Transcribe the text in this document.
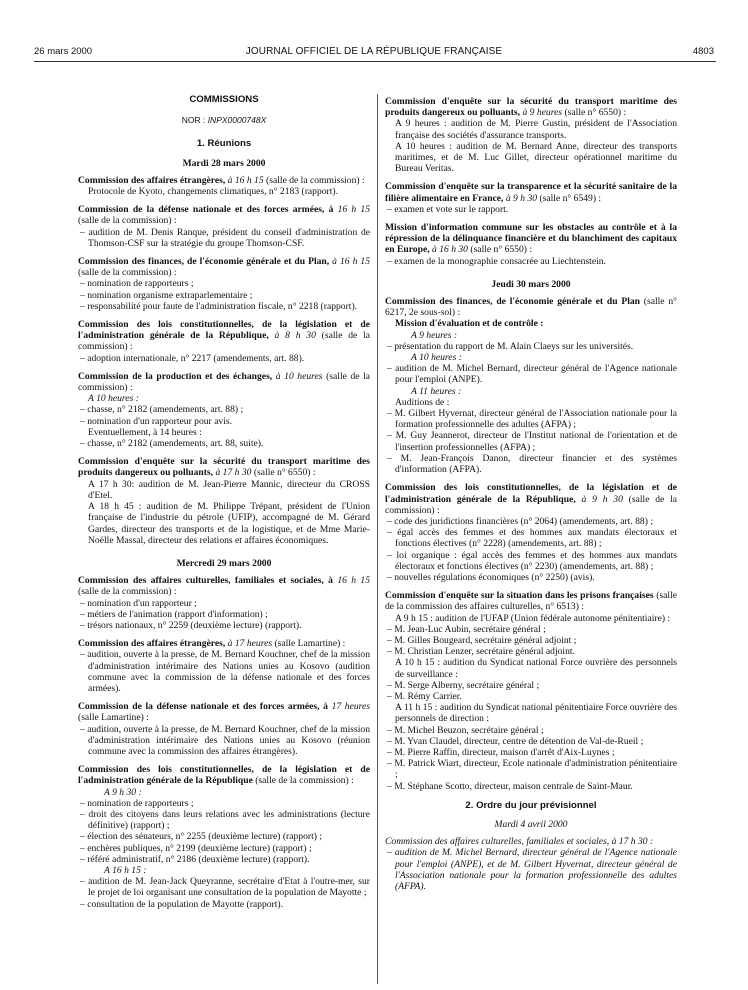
26 mars 2000	JOURNAL OFFICIEL DE LA RÉPUBLIQUE FRANÇAISE	4803
COMMISSIONS
NOR : INPX0000748X
1. Réunions
Mardi 28 mars 2000
Commission des affaires étrangères, à 16 h 15 (salle de la commission) :
Protocole de Kyoto, changements climatiques, n° 2183 (rapport).
Commission de la défense nationale et des forces armées, à 16 h 15 (salle de la commission) :
– audition de M. Denis Ranque, président du conseil d'administration de Thomson-CSF sur la stratégie du groupe Thomson-CSF.
Commission des finances, de l'économie générale et du Plan, à 16 h 15 (salle de la commission) :
– nomination de rapporteurs ;
– nomination organisme extraparlementaire ;
– responsabilité pour faute de l'administration fiscale, n° 2218 (rapport).
Commission des lois constitutionnelles, de la législation et de l'administration générale de la République, à 8 h 30 (salle de la commission) :
– adoption internationale, n° 2217 (amendements, art. 88).
Commission de la production et des échanges, à 10 heures (salle de la commission) :
A 10 heures :
– chasse, n° 2182 (amendements, art. 88) ;
– nomination d'un rapporteur pour avis.
Eventuellement, à 14 heures :
– chasse, n° 2182 (amendements, art. 88, suite).
Commission d'enquête sur la sécurité du transport maritime des produits dangereux ou polluants, à 17 h 30 (salle n° 6550) :
A 17 h 30: audition de M. Jean-Pierre Mannic, directeur du CROSS d'Etel.
A 18 h 45 : audition de M. Philippe Trépant, président de l'Union française de l'industrie du pétrole (UFIP), accompagné de M. Gérard Gardes, directeur des transports et de la logistique, et de Mme Marie-Noëlle Massal, directeur des relations et affaires économiques.
Mercredi 29 mars 2000
Commission des affaires culturelles, familiales et sociales, à 16 h 15 (salle de la commission) :
– nomination d'un rapporteur ;
– métiers de l'animation (rapport d'information) ;
– trésors nationaux, n° 2259 (deuxième lecture) (rapport).
Commission des affaires étrangères, à 17 heures (salle Lamartine) :
– audition, ouverte à la presse, de M. Bernard Kouchner, chef de la mission d'administration intérimaire des Nations unies au Kosovo (audition commune avec la commission de la défense nationale et des forces armées).
Commission de la défense nationale et des forces armées, à 17 heures (salle Lamartine) :
– audition, ouverte à la presse, de M. Bernard Kouchner, chef de la mission d'administration intérimaire des Nations unies au Kosovo (réunion commune avec la commission des affaires étrangères).
Commission des lois constitutionnelles, de la législation et de l'administration générale de la République (salle de la commission) :
A 9 h 30 :
– nomination de rapporteurs ;
– droit des citoyens dans leurs relations avec les administrations (lecture définitive) (rapport) ;
– élection des sénateurs, n° 2255 (deuxième lecture) (rapport) ;
– enchères publiques, n° 2199 (deuxième lecture) (rapport) ;
– référé administratif, n° 2186 (deuxième lecture) (rapport).
A 16 h 15 :
– audition de M. Jean-Jack Queyranne, secrétaire d'Etat à l'outre-mer, sur le projet de loi organisant une consultation de la population de Mayotte ;
– consultation de la population de Mayotte (rapport).
Commission d'enquête sur la sécurité du transport maritime des produits dangereux ou polluants, à 9 heures (salle n° 6550) :
A 9 heures : audition de M. Pierre Gustin, président de l'Association française des sociétés d'assurance transports.
A 10 heures : audition de M. Bernard Anne, directeur des transports maritimes, et de M. Luc Gillet, directeur opérationnel maritime du Bureau Veritas.
Commission d'enquête sur la transparence et la sécurité sanitaire de la filière alimentaire en France, à 9 h 30 (salle n° 6549) :
– examen et vote sur le rapport.
Mission d'information commune sur les obstacles au contrôle et à la répression de la délinquance financière et du blanchiment des capitaux en Europe, à 16 h 30 (salle n° 6550) :
– examen de la monographie consacrée au Liechtenstein.
Jeudi 30 mars 2000
Commission des finances, de l'économie générale et du Plan (salle n° 6217, 2e sous-sol) :
Mission d'évaluation et de contrôle :
A 9 heures :
– présentation du rapport de M. Alain Claeys sur les universités.
A 10 heures :
– audition de M. Michel Bernard, directeur général de l'Agence nationale pour l'emploi (ANPE).
A 11 heures :
Auditions de :
– M. Gilbert Hyvernat, directeur général de l'Association nationale pour la formation professionnelle des adultes (AFPA) ;
– M. Guy Jeannerot, directeur de l'Institut national de l'orientation et de l'insertion professionnelles (AFPA) ;
– M. Jean-François Danon, directeur financier et des systèmes d'information (AFPA).
Commission des lois constitutionnelles, de la législation et de l'administration générale de la République, à 9 h 30 (salle de la commission) :
– code des juridictions financières (n° 2064) (amendements, art. 88) ;
– égal accès des femmes et des hommes aux mandats électoraux et fonctions électives (n° 2228) (amendements, art. 88) ;
– loi organique : égal accès des femmes et des hommes aux mandats électoraux et fonctions électives (n° 2230) (amendements, art. 88) ;
– nouvelles régulations économiques (n° 2250) (avis).
Commission d'enquête sur la situation dans les prisons françaises (salle de la commission des affaires culturelles, n° 6513) :
A 9 h 15 : audition de l'UFAP (Union fédérale autonome pénitentiaire) :
– M. Jean-Luc Aubin, secrétaire général ;
– M. Gilles Bougeard, secrétaire général adjoint ;
– M. Christian Lenzer, secrétaire général adjoint.
A 10 h 15 : audition du Syndicat national Force ouvrière des personnels de surveillance :
– M. Serge Alberny, secrétaire général ;
– M. Rémy Carrier.
A 11 h 15 : audition du Syndicat national pénitentiaire Force ouvrière des personnels de direction :
– M. Michel Beuzon, secrétaire général ;
– M. Yvan Claudel, directeur, centre de détention de Val-de-Rueil ;
– M. Pierre Raffin, directeur, maison d'arrêt d'Aix-Luynes ;
– M. Patrick Wiart, directeur, Ecole nationale d'administration pénitentiaire ;
– M. Stéphane Scotto, directeur, maison centrale de Saint-Maur.
2. Ordre du jour prévisionnel
Mardi 4 avril 2000
Commission des affaires culturelles, familiales et sociales, à 17 h 30 :
– audition de M. Michel Bernard, directeur général de l'Agence nationale pour l'emploi (ANPE), et de M. Gilbert Hyvernat, directeur général de l'Association nationale pour la formation professionnelle des adultes (AFPA).
